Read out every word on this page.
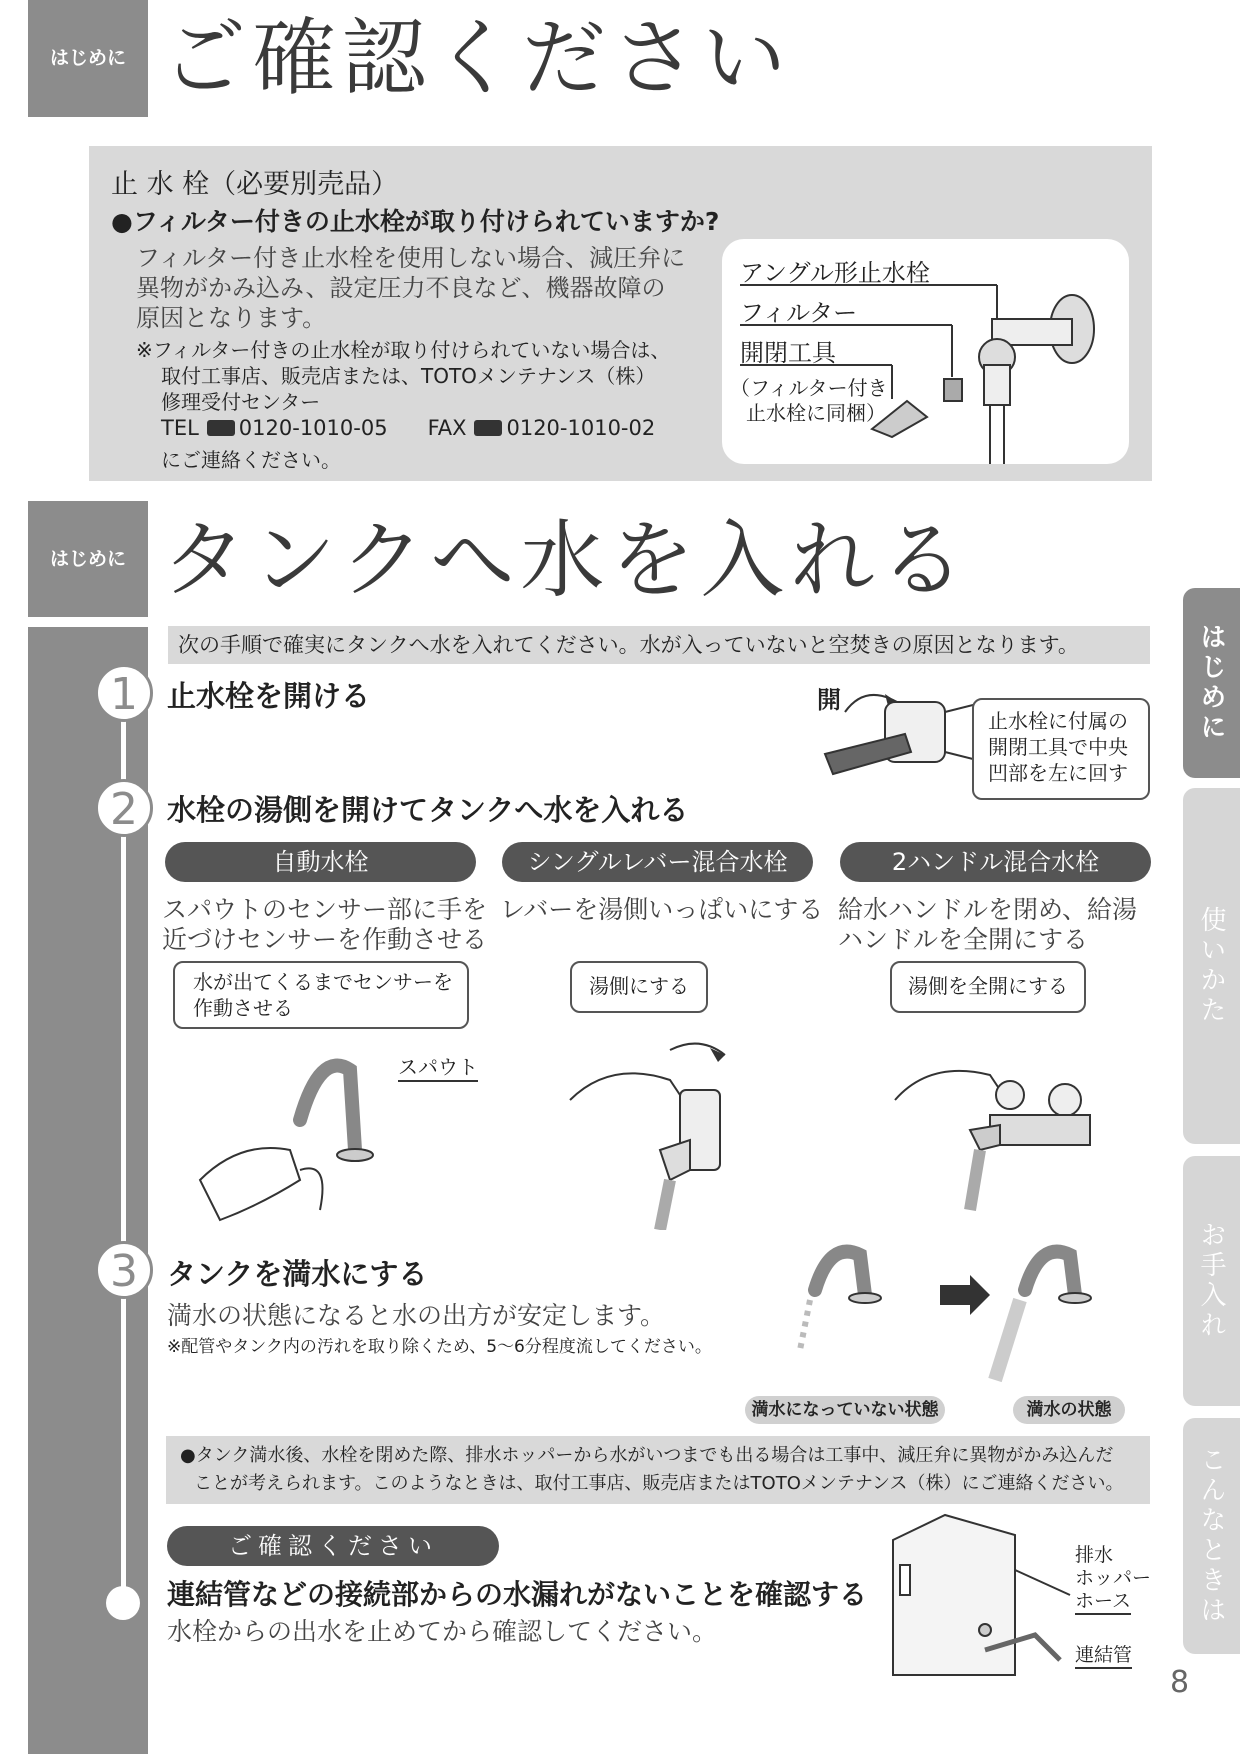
はじめに ご確認ください
止 水 栓（必要別売品）
●フィルター付きの止水栓が取り付けられていますか?
フィルター付き止水栓を使用しない場合、減圧弁に
異物がかみ込み、設定圧力不良など、機器故障の
原因となります。
※フィルター付きの止水栓が取り付けられていない場合は、
取付工事店、販売店または、TOTOメンテナンス（株）
修理受付センター
TEL 0120-1010-05 FAX 0120-1010-02
にご連絡ください。
アングル形止水栓
フィルター
開閉工具
（フィルター付き
止水栓に同梱）
はじめに タンクへ水を入れる
次の手順で確実にタンクへ水を入れてください。水が入っていないと空焚きの原因となります。
1	止水栓を開ける	開
止水栓に付属の
開閉工具で中央
凹部を左に回す
2	水栓の湯側を開けてタンクへ水を入れる
自動水栓
スパウトのセンサー部に手を
近づけセンサーを作動させる
水が出てくるまでセンサーを
作動させる
スパウト
シングルレバー混合水栓
レバーを湯側いっぱいにする
湯側にする
2ハンドル混合水栓
給水ハンドルを閉め、給湯
ハンドルを全開にする
湯側を全開にする
3	タンクを満水にする
満水の状態になると水の出方が安定します。
※配管やタンク内の汚れを取り除くため、5～6分程度流してください。
満水になっていない状態	満水の状態
●タンク満水後、水栓を閉めた際、排水ホッパーから水がいつまでも出る場合は工事中、減圧弁に異物がかみ込んだ
ことが考えられます。このようなときは、取付工事店、販売店またはTOTOメンテナンス（株）にご連絡ください。
ご確認ください
連結管などの接続部からの水漏れがないことを確認する
水栓からの出水を止めてから確認してください。
排水
ホッパー
ホース
連結管
はじめに
使いかた
お手入れ
こんなときは
8
